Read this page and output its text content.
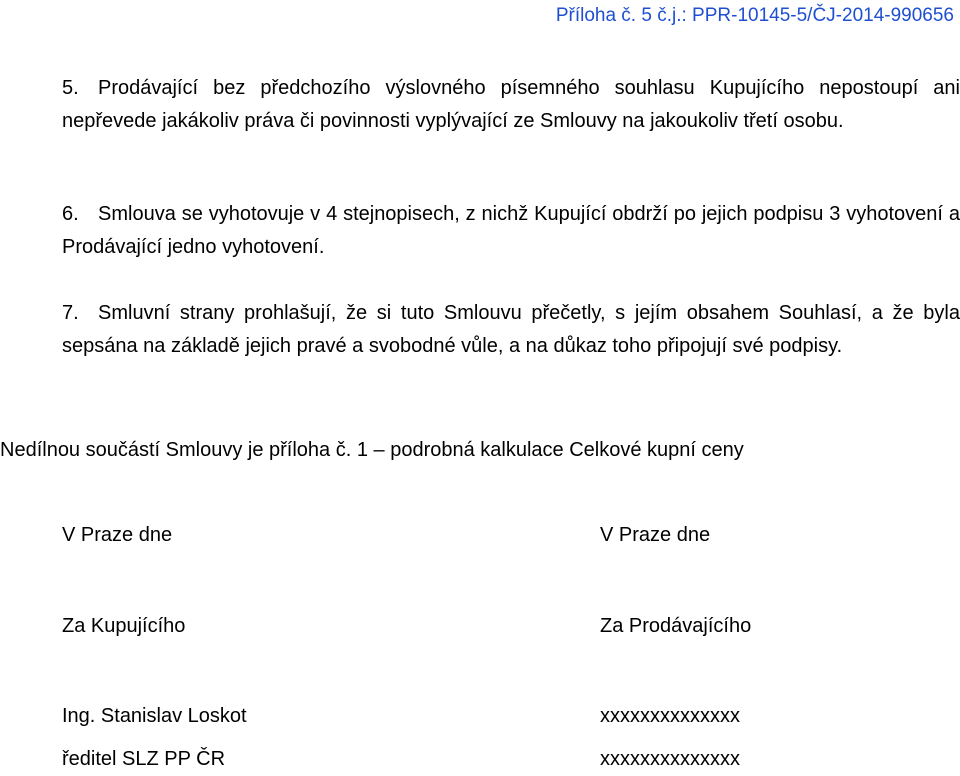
Příloha č. 5 č.j.: PPR-10145-5/ČJ-2014-990656

5. Prodávající bez předchozího výslovného písemného souhlasu Kupujícího nepostoupí ani nepřevede jakákoliv práva či povinnosti vyplývající ze Smlouvy na jakoukoliv třetí osobu.

6. Smlouva se vyhotovuje v 4 stejnopisech, z nichž Kupující obdrží po jejich podpisu 3 vyhotovení a Prodávající jedno vyhotovení.

7. Smluvní strany prohlašují, že si tuto Smlouvu přečetly, s jejím obsahem Souhlasí, a že byla sepsána na základě jejich pravé a svobodné vůle, a na důkaz toho připojují své podpisy.

Nedílnou součástí Smlouvy je příloha č. 1 – podrobná kalkulace Celkové kupní ceny
V Praze dne	V Praze dne
Za Kupujícího	Za Prodávajícího
Ing. Stanislav Loskot	xxxxxxxxxxxxxx
ředitel SLZ PP ČR	xxxxxxxxxxxxxx
